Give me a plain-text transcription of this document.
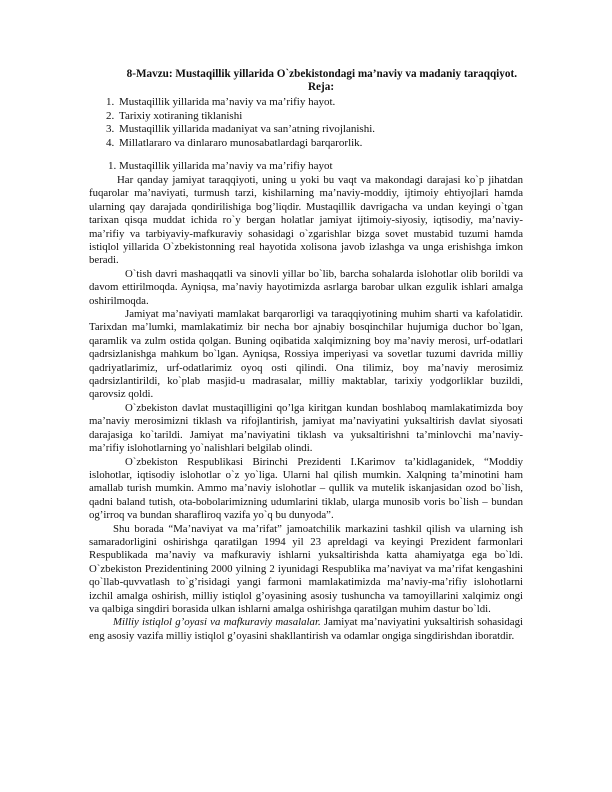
8-Mavzu: Mustaqillik yillarida O`zbekistondagi ma’naviy va madaniy taraqqiyot.
Reja:
1. Mustaqillik yillarida ma’naviy va ma’rifiy hayot.
2. Tarixiy xotiraning tiklanishi
3. Mustaqillik yillarida madaniyat va san’atning rivojlanishi.
4. Millatlararo va dinlararo munosabatlardagi barqarorlik.
1. Mustaqillik yillarida ma’naviy va ma’rifiy hayot

Har qanday jamiyat taraqqiyoti, uning u yoki bu vaqt va makondagi darajasi ko`p jihatdan fuqarolar ma’naviyati, turmush tarzi, kishilarning ma’naviy-moddiy, ijtimoiy ehtiyojlari hamda ularning qay darajada qondirilishiga bog’liqdir. Mustaqillik davrigacha va undan keyingi o`tgan tarixan qisqa muddat ichida ro`y bergan holatlar jamiyat ijtimoiy-siyosiy, iqtisodiy, ma’naviy-ma’rifiy va tarbiyaviy-mafkuraviy sohasidagi o`zgarishlar bizga sovet mustabid tuzumi hamda istiqlol yillarida O`zbekistonning real hayotida xolisona javob izlashga va unga erishishga imkon beradi.

O`tish davri mashaqqatli va sinovli yillar bo`lib, barcha sohalarda islohotlar olib borildi va davom ettirilmoqda. Ayniqsa, ma’naviy hayotimizda asrlarga barobar ulkan ezgulik ishlari amalga oshirilmoqda.

Jamiyat ma’naviyati mamlakat barqarorligi va taraqqiyotining muhim sharti va kafolatidir. Tarixdan ma’lumki, mamlakatimiz bir necha bor ajnabiy bosqinchilar hujumiga duchor bo`lgan, qaramlik va zulm ostida qolgan. Buning oqibatida xalqimizning boy ma’naviy merosi, urf-odatlari qadrsizlanishga mahkum bo`lgan. Ayniqsa, Rossiya imperiyasi va sovetlar tuzumi davrida milliy qadriyatlarimiz, urf-odatlarimiz oyoq osti qilindi. Ona tilimiz, boy ma’naviy merosimiz qadrsizlantirildi, ko`plab masjid-u madrasalar, milliy maktablar, tarixiy yodgorliklar buzildi, qarovsiz qoldi.

O`zbekiston davlat mustaqilligini qo’lga kiritgan kundan boshlaboq mamlakatimizda boy ma’naviy merosimizni tiklash va rifojlantirish, jamiyat ma’naviyatini yuksaltirish davlat siyosati darajasiga ko`tarildi. Jamiyat ma’naviyatini tiklash va yuksaltirishni ta’minlovchi ma’naviy-ma’rifiy islohotlarning yo`nalishlari belgilab olindi.

O`zbekiston Respublikasi Birinchi Prezidenti I.Karimov ta’kidlaganidek, “Moddiy islohotlar, iqtisodiy islohotlar o`z yo`liga. Ularni hal qilish mumkin. Xalqning ta’minotini ham amallab turish mumkin. Ammo ma’naviy islohotlar – qullik va mutelik iskanjasidan ozod bo`lish, qadni baland tutish, ota-bobolarimizning udumlarini tiklab, ularga munosib voris bo`lish – bundan og’irroq va bundan sharafliroq vazifa yo`q bu dunyoda”.

Shu borada “Ma’naviyat va ma’rifat” jamoatchilik markazini tashkil qilish va ularning ish samaradorligini oshirishga qaratilgan 1994 yil 23 apreldagi va keyingi Prezident farmonlari Respublikada ma’naviy va mafkuraviy ishlarni yuksaltirishda katta ahamiyatga ega bo`ldi. O`zbekiston Prezidentining 2000 yilning 2 iyunidagi Respublika ma’naviyat va ma’rifat kengashini qo`llab-quvvatlash to`g’risidagi yangi farmoni mamlakatimizda ma’naviy-ma’rifiy islohotlarni izchil amalga oshirish, milliy istiqlol g’oyasining asosiy tushuncha va tamoyillarini xalqimiz ongi va qalbiga singdiri borasida ulkan ishlarni amalga oshirishga qaratilgan muhim dastur bo`ldi.

Milliy istiqlol g’oyasi va mafkuraviy masalalar. Jamiyat ma’naviyatini yuksaltirish sohasidagi eng asosiy vazifa milliy istiqlol g’oyasini shakllantirish va odamlar ongiga singdirishdan iboratdir.
